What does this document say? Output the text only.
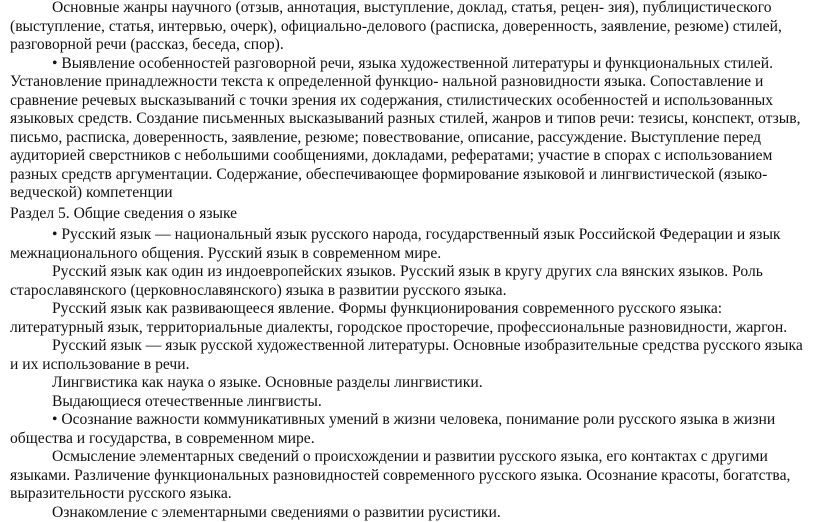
Основные жанры научного (отзыв, аннотация, выступление, доклад, статья, рецен- зия), публицистического (выступление, статья, интервью, очерк), официально-делового (расписка, доверенность, заявление, резюме) стилей, разговорной речи (рассказ, беседа, спор).

• Выявление особенностей разговорной речи, языка художественной литературы и функциональных стилей. Установление принадлежности текста к определенной функцио- нальной разновидности языка. Сопоставление и сравнение речевых высказываний с точки зрения их содержания, стилистических особенностей и использованных языковых средств. Создание письменных высказываний разных стилей, жанров и типов речи: тезисы, конспект, отзыв, письмо, расписка, доверенность, заявление, резюме; повествование, описание, рассуждение. Выступление перед аудиторией сверстников с небольшими сообщениями, докладами, рефератами; участие в спорах с использованием разных средств аргументации. Содержание, обеспечивающее формирование языковой и лингвистической (языко- ведческой) компетенции

Раздел 5. Общие сведения о языке

• Русский язык — национальный язык русского народа, государственный язык Российской Федерации и язык межнационального общения. Русский язык в современном мире.

Русский язык как один из индоевропейских языков. Русский язык в кругу других сла вянских языков. Роль старославянского (церковнославянского) языка в развитии русского языка.

Русский язык как развивающееся явление. Формы функционирования современного русского языка: литературный язык, территориальные диалекты, городское просторечие, профессиональные разновидности, жаргон.

Русский язык — язык русской художественной литературы. Основные изобразительные средства русского языка и их использование в речи.

Лингвистика как наука о языке. Основные разделы лингвистики.

Выдающиеся отечественные лингвисты.

• Осознание важности коммуникативных умений в жизни человека, понимание роли русского языка в жизни общества и государства, в современном мире.

Осмысление элементарных сведений о происхождении и развитии русского языка, его контактах с другими языками. Различение функциональных разновидностей современного русского языка. Осознание красоты, богатства, выразительности русского языка.

Ознакомление с элементарными сведениями о развитии русистики.
